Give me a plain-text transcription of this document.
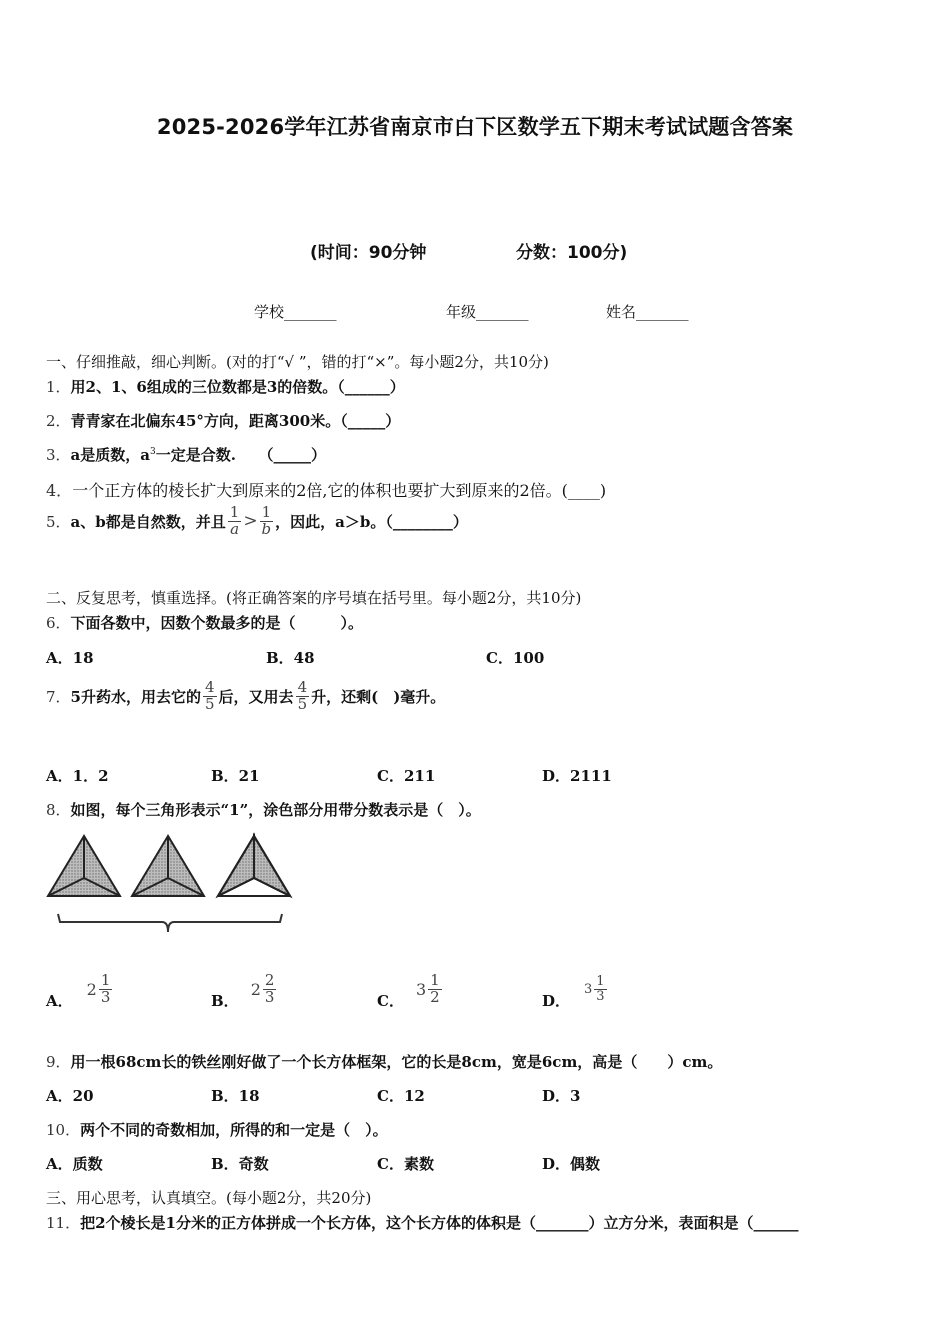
2025-2026学年江苏省南京市白下区数学五下期末考试试题含答案
(时间：90分钟	分数：100分)
学校_______	年级_______	姓名_______
一、仔细推敲，细心判断。(对的打“√ ”，错的打“×”。每小题2分，共10分)
1．用2、1、6组成的三位数都是3的倍数。（______）
2．青青家在北偏东45°方向，距离300米。（_____）
3．a是质数，$a^3$一定是合数.　　（_____）
4．一个正方体的棱长扩大到原来的2倍,它的体积也要扩大到原来的2倍。(____)
5． a、b都是自然数，并且 $\frac{1}{a} > \frac{1}{b}$ ，因此，a＞b。（________）
二、反复思考，慎重选择。(将正确答案的序号填在括号里。每小题2分，共10分)
6．下面各数中，因数个数最多的是（　　　）。
A．18	B．48	C．100
7． 5升药水，用去它的 $\frac{4}{5}$ 后，又用去 $\frac{4}{5}$ 升，还剩(　)毫升。
A．1．2	B．21	C．211	D．2111
8．如图，每个三角形表示“1”，涂色部分用带分数表示是（　）。
A．
$2 \frac{1}{3}$	B．
$2 \frac{2}{3}$	C．
$3 \frac{1}{2}$	D．
$3 \frac{1}{3}$
9．用一根68cm长的铁丝刚好做了一个长方体框架，它的长是8cm，宽是6cm，高是（　　）cm。
A．20	B．18	C．12	D．3
10．两个不同的奇数相加，所得的和一定是（　）。
A．质数	B．奇数	C．素数	D．偶数
三、用心思考，认真填空。(每小题2分，共20分)
11．把2个棱长是1分米的正方体拼成一个长方体，这个长方体的体积是（_______）立方分米，表面积是（______
